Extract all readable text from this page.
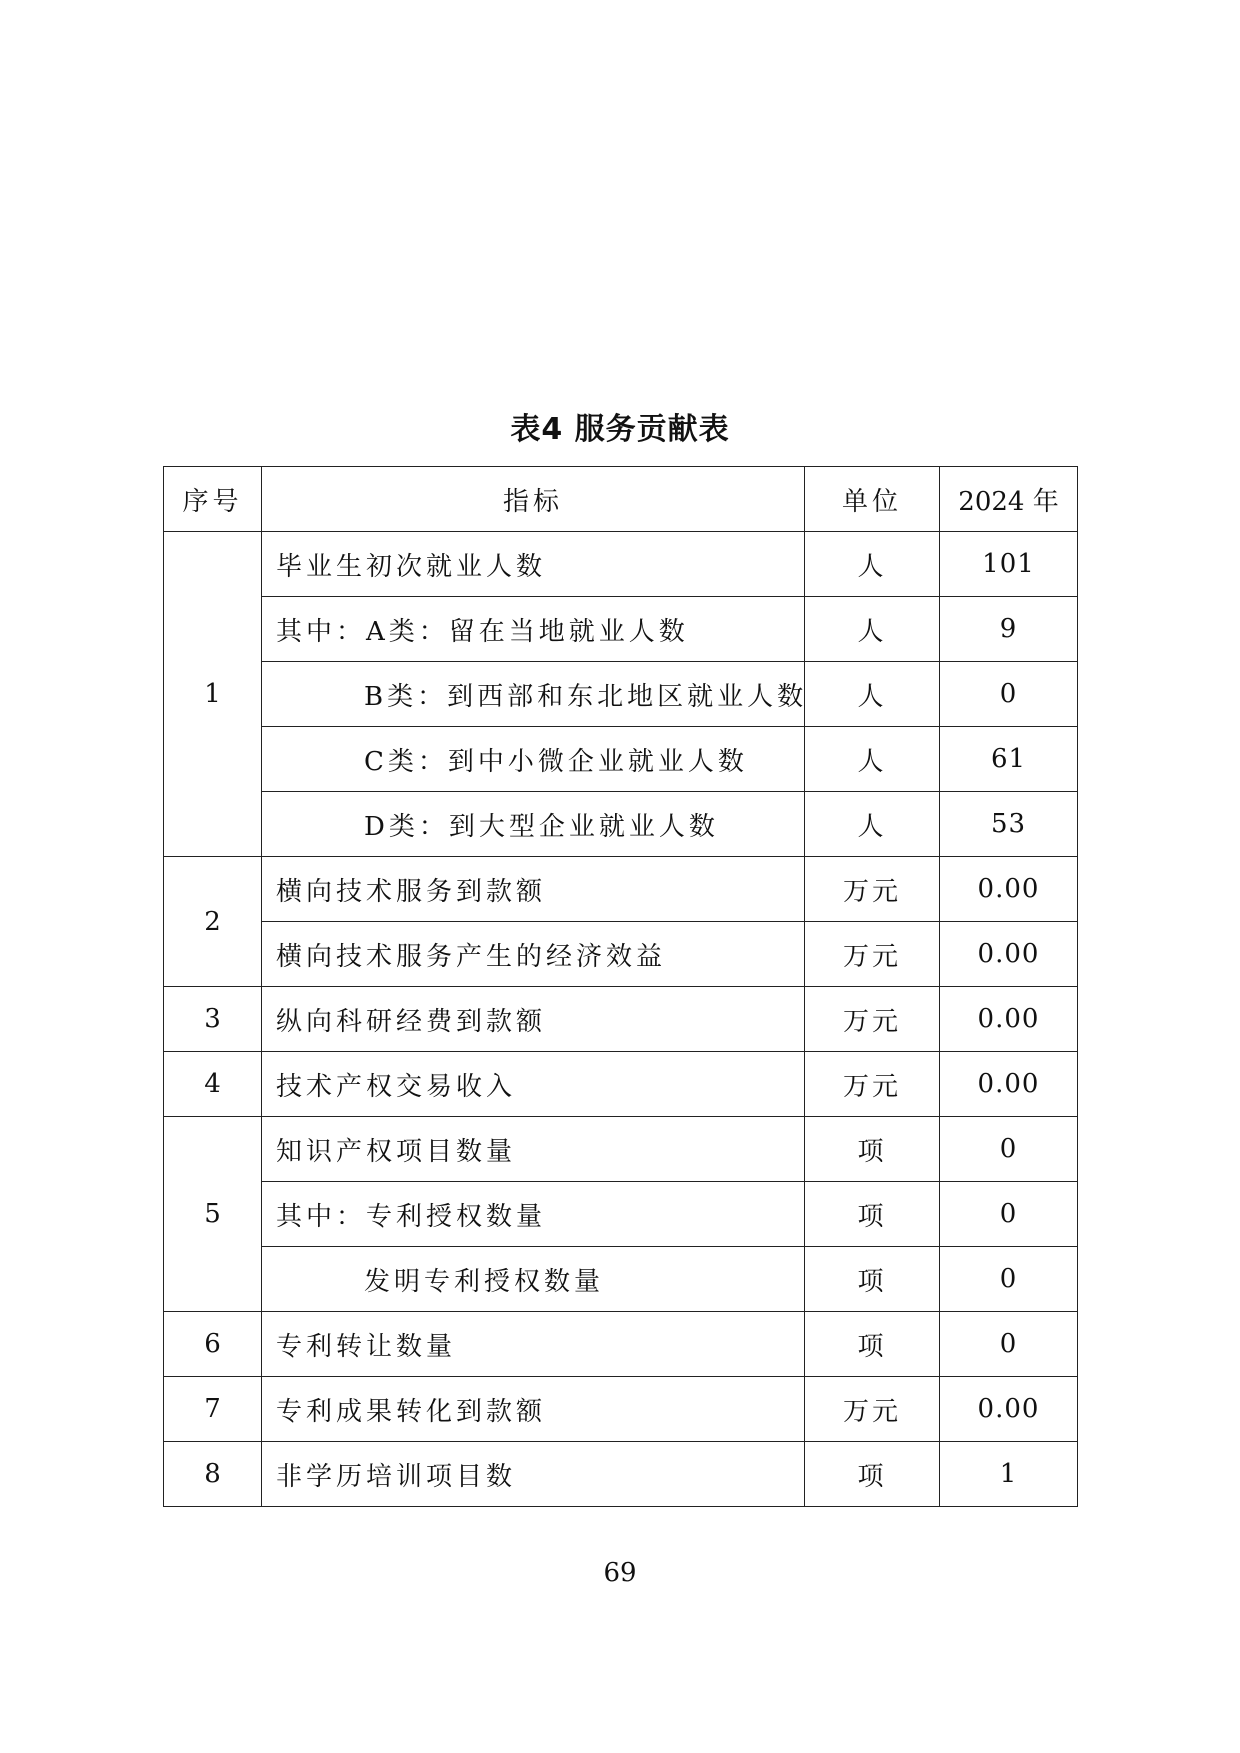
表4 服务贡献表
序号	指标	单位	2024 年
1	毕业生初次就业人数	人	101
	其中：A类：留在当地就业人数	人	9
	B类：到西部和东北地区就业人数	人	0
	C类：到中小微企业就业人数	人	61
	D类：到大型企业就业人数	人	53
2	横向技术服务到款额	万元	0.00
	横向技术服务产生的经济效益	万元	0.00
3	纵向科研经费到款额	万元	0.00
4	技术产权交易收入	万元	0.00
5	知识产权项目数量	项	0
	其中：专利授权数量	项	0
	发明专利授权数量	项	0
6	专利转让数量	项	0
7	专利成果转化到款额	万元	0.00
8	非学历培训项目数	项	1
69
